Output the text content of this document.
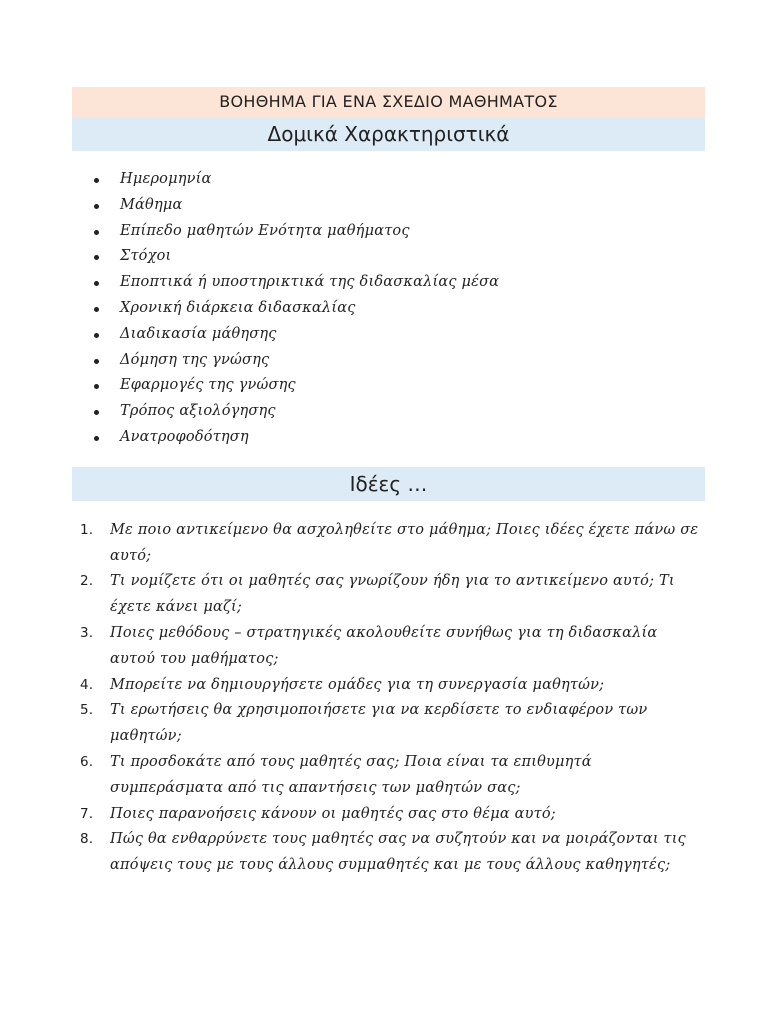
ΒΟΗΘΗΜΑ ΓΙΑ ΕΝΑ ΣΧΕΔΙΟ ΜΑΘΗΜΑΤΟΣ
Δομικά Χαρακτηριστικά
Ημερομηνία
Μάθημα
Επίπεδο μαθητών Ενότητα μαθήματος
Στόχοι
Εποπτικά ή υποστηρικτικά της διδασκαλίας μέσα
Χρονική διάρκεια διδασκαλίας
Διαδικασία μάθησης
Δόμηση της γνώσης
Εφαρμογές της γνώσης
Τρόπος αξιολόγησης
Ανατροφοδότηση
Ιδέες …
1. Με ποιο αντικείμενο θα ασχοληθείτε στο μάθημα; Ποιες ιδέες έχετε πάνω σε αυτό;
2. Τι νομίζετε ότι οι μαθητές σας γνωρίζουν ήδη για το αντικείμενο αυτό; Τι έχετε κάνει μαζί;
3. Ποιες μεθόδους – στρατηγικές ακολουθείτε συνήθως για τη διδασκαλία αυτού του μαθήματος;
4. Μπορείτε να δημιουργήσετε ομάδες για τη συνεργασία μαθητών;
5. Τι ερωτήσεις θα χρησιμοποιήσετε για να κερδίσετε το ενδιαφέρον των μαθητών;
6. Τι προσδοκάτε από τους μαθητές σας; Ποια είναι τα επιθυμητά συμπεράσματα από τις απαντήσεις των μαθητών σας;
7. Ποιες παρανοήσεις κάνουν οι μαθητές σας στο θέμα αυτό;
8. Πώς θα ενθαρρύνετε τους μαθητές σας να συζητούν και να μοιράζονται τις απόψεις τους με τους άλλους συμμαθητές και με τους άλλους καθηγητές;
